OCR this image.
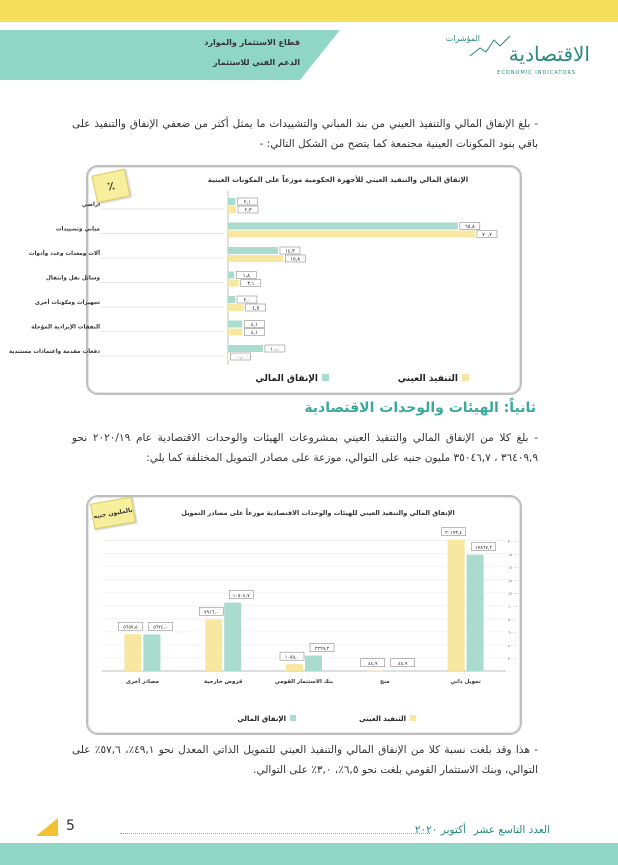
قطاع الاستثمار والموارد
الدعم الفني للاستثمار
المؤشرات
الاقتصادية
ECONOMIC INDICATORS

- بلغ الإنفاق المالي والتنفيذ العيني من بند المباني والتشييدات ما يمثل أكثر من ضعفي الإنفاق والتنفيذ على باقي بنود المكونات العينية مجتمعة كما يتضح من الشكل التالي: -

الإنفاق المالي والتنفيذ العيني للأجهزة الحكومية موزعاً على المكونات العينية
أراضي	٢,١
٢,٣
مباني وتشييدات	٦٥,٨
٧٠,٧
آلات ومعدات وعدد وأدوات	١٤,٣
١٥,٨
وسائل نقل وانتقال	١,٨
٣,١
تجهيزات ومكونات أخرى	٢,٠
٤,٥
النفقات الإيرادية المؤجلة	٤,١
٤,١
دفعات مقدمة واعتمادات مستندية	١٠,٠
٠,٠
التنفيذ العيني
الإنفاق المالي
٪
ثانياً: الهيئات والوحدات الاقتصادية

- بلغ كلا من الإنفاق المالي والتنفيذ العيني بمشروعات الهيئات والوحدات الاقتصادية عام ٢٠٢٠/١٩ نحو ٣٦٤٠٩,٩ ، ٣٥٠٤٦,٧ مليون جنيه على التوالي، موزعة على مصادر التمويل المختلفة كما يلي:

الإنفاق المالي والتنفيذ العيني للهيئات والوحدات الاقتصادية موزعاً على مصادر التمويل
٠
٢٠٠٠
٤٠٠٠
٦٠٠٠
٨٠٠٠
١٠٠٠٠
١٢٠٠٠
١٤٠٠٠
١٦٠٠٠
١٨٠٠٠
٢٠٠٠٠
تمويل ذاتي
٢٠١٧٣,٤
١٧٨٦٧,٢
منح
٤٤,٩	٤٤,٩
بنك الاستثمار القومي
١٠٥٥,٠
٢٣٦٩,٢
قروض خارجية
٧٩١٦,٠
١٠٥٠٤,٧
مصادر أخرى
٥٦٥٧,٥	٥٦٢٤,٠
التنفيذ العيني
الإنفاق المالي
بالمليون جنيه

- هذا وقد بلغت نسبة كلا من الإنفاق المالي والتنفيذ العيني للتمويل الذاتي المعدل نحو ٤٩,١٪، ٥٧,٦٪ على التوالي، وبنك الاستثمار القومي بلغت نحو ٦,٥٪، ٣,٠٪ على التوالي.

العدد التاسع عشر
أكتوبر ٢٠٢٠
5
